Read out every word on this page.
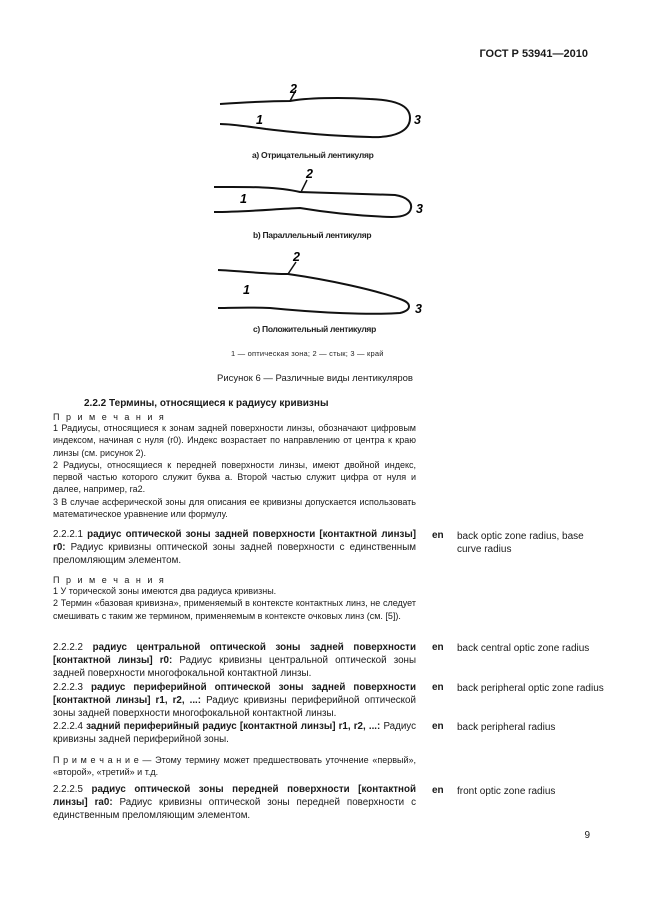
ГОСТ Р 53941—2010
2
1	3
2
1
3
2
1
3
a) Отрицательный лентикуляр
b) Параллельный лентикуляр
c) Положительный лентикуляр
1 — оптическая зона; 2 — стык; 3 — край
Рисунок 6 — Различные виды лентикуляров
2.2.2 Термины, относящиеся к радиусу кривизны
П р и м е ч а н и я
1 Радиусы, относящиеся к зонам задней поверхности линзы, обозначают цифровым индексом, начиная с нуля (r0). Индекс возрастает по направлению от центра к краю линзы (см. рисунок 2).
2 Радиусы, относящиеся к передней поверхности линзы, имеют двойной индекс, первой частью которого служит буква a. Второй частью служит цифра от нуля и далее, например, ra2.
3 В случае асферической зоны для описания ее кривизны допускается использовать математическое уравнение или формулу.
2.2.2.1 радиус оптической зоны задней поверхности [контактной линзы] r0: Радиус кривизны оптической зоны задней поверхности с единственным преломляющим элементом.
en back optic zone radius, base curve radius
П р и м е ч а н и я
1 У торической зоны имеются два радиуса кривизны.
2 Термин «базовая кривизна», применяемый в контексте контактных линз, не следует смешивать с таким же термином, применяемым в контексте очковых линз (см. [5]).
2.2.2.2 радиус центральной оптической зоны задней поверхности [контактной линзы] r0: Радиус кривизны центральной оптической зоны задней поверхности многофокальной контактной линзы.
en back central optic zone radius
2.2.2.3 радиус периферийной оптической зоны задней поверхности [контактной линзы] r1, r2, ...: Радиус кривизны периферийной оптической зоны задней поверхности многофокальной контактной линзы.
en back peripheral optic zone radius
2.2.2.4 задний периферийный радиус [контактной линзы] r1, r2, ...: Радиус кривизны задней периферийной зоны.
en back peripheral radius
П р и м е ч а н и е — Этому термину может предшествовать уточнение «первый», «второй», «третий» и т.д.
2.2.2.5 радиус оптической зоны передней поверхности [контактной линзы] ra0: Радиус кривизны оптической зоны передней поверхности с единственным преломляющим элементом.
en front optic zone radius
9
